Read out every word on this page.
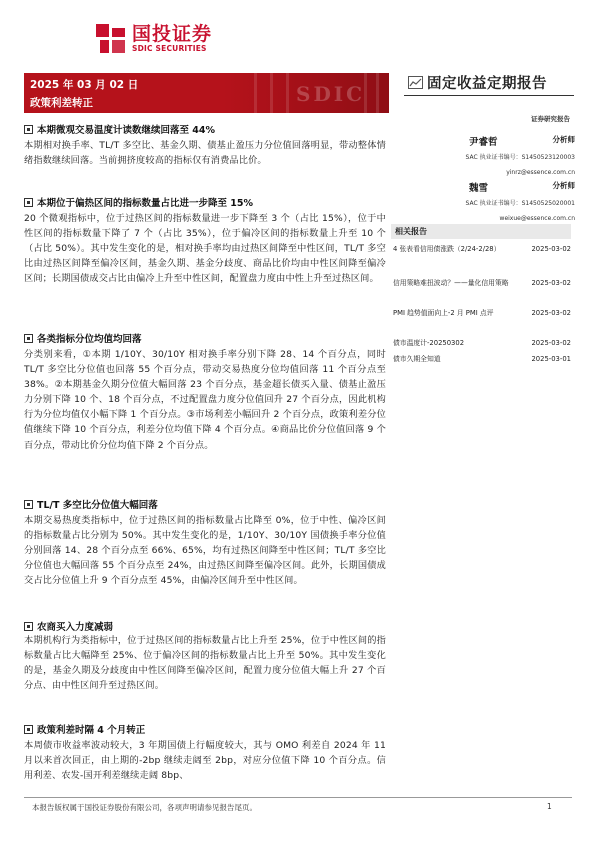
国投证券
SDIC SECURITIES
SDIC
2025 年 03 月 02 日
政策利差转正
固定收益定期报告
证券研究报告
尹睿哲	分析师
SAC 执业证书编号：S1450523120003
yinrz@essence.com.cn
魏雪	分析师
SAC 执业证书编号：S1450525020001
weixue@essence.com.cn
相关报告
4 张表看信用债涨跌（2/24-2/28）	2025-03-02
信用策略难扭波动？——量化信用策略	2025-03-02
PMI 趋势值面向上-2 月 PMI 点评	2025-03-02
债市温度计-20250302	2025-03-02
债市久期全知道	2025-03-01
本期微观交易温度计读数继续回落至 44%
本期相对换手率、TL/T 多空比、基金久期、债基止盈压力分位值回落明显，带动整体情绪指数继续回落。当前拥挤度较高的指标仅有消费品比价。
本期位于偏热区间的指标数量占比进一步降至 15%
20 个微观指标中，位于过热区间的指标数量进一步下降至 3 个（占比 15%），位于中性区间的指标数量下降了 7 个（占比 35%），位于偏冷区间的指标数量上升至 10 个（占比 50%）。其中发生变化的是，相对换手率均由过热区间降至中性区间，TL/T 多空比由过热区间降至偏冷区间，基金久期、基金分歧度、商品比价均由中性区间降至偏冷区间；长期国债成交占比由偏冷上升至中性区间，配置盘力度由中性上升至过热区间。
各类指标分位均值均回落
分类别来看，①本期 1/10Y、30/10Y 相对换手率分别下降 28、14 个百分点，同时 TL/T 多空比分位值也回落 55 个百分点，带动交易热度分位均值回落 11 个百分点至 38%。②本期基金久期分位值大幅回落 23 个百分点，基金超长债买入量、债基止盈压力分别下降 10 个、18 个百分点，不过配置盘力度分位值回升 27 个百分点，因此机构行为分位均值仅小幅下降 1 个百分点。③市场利差小幅回升 2 个百分点，政策利差分位值继续下降 10 个百分点，利差分位均值下降 4 个百分点。④商品比价分位值回落 9 个百分点，带动比价分位均值下降 2 个百分点。
TL/T 多空比分位值大幅回落
本期交易热度类指标中，位于过热区间的指标数量占比降至 0%，位于中性、偏冷区间的指标数量占比分别为 50%。其中发生变化的是，1/10Y、30/10Y 国债换手率分位值分别回落 14、28 个百分点至 66%、65%，均有过热区间降至中性区间；TL/T 多空比分位值也大幅回落 55 个百分点至 24%，由过热区间降至偏冷区间。此外，长期国债成交占比分位值上升 9 个百分点至 45%，由偏冷区间升至中性区间。
农商买入力度减弱
本期机构行为类指标中，位于过热区间的指标数量占比上升至 25%，位于中性区间的指标数量占比大幅降至 25%、位于偏冷区间的指标数量占比上升至 50%。其中发生变化的是，基金久期及分歧度由中性区间降至偏冷区间，配置力度分位值大幅上升 27 个百分点、由中性区间升至过热区间。
政策利差时隔 4 个月转正
本周债市收益率波动较大，3 年期国债上行幅度较大，其与 OMO 利差自 2024 年 11 月以来首次回正，由上期的-2bp 继续走阔至 2bp，对应分位值下降 10 个百分点。信用利差、农发-国开利差继续走阔 8bp、
本报告版权属于国投证券股份有限公司，各项声明请参见报告尾页。	1
